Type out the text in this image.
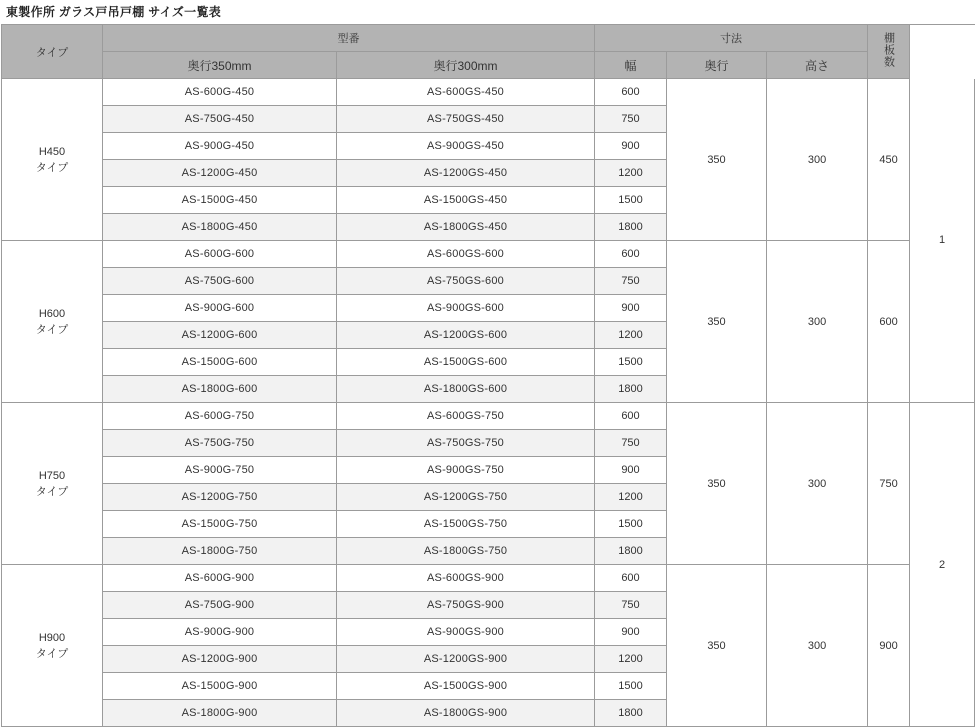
東製作所 ガラス戸吊戸棚 サイズ一覧表
タイプ	型番		寸法			棚板数	
	奥行350mm	奥行300mm	幅	奥行	高さ		

H450
タイプ	AS-600G-450	AS-600GS-450	600	350	300	450	1
	AS-750G-450	AS-750GS-450	750				
	AS-900G-450	AS-900GS-450	900				
	AS-1200G-450	AS-1200GS-450	1200				
	AS-1500G-450	AS-1500GS-450	1500				
	AS-1800G-450	AS-1800GS-450	1800				

H600
タイプ	AS-600G-600	AS-600GS-600	600	350	300	600	
	AS-750G-600	AS-750GS-600	750				
	AS-900G-600	AS-900GS-600	900				
	AS-1200G-600	AS-1200GS-600	1200				
	AS-1500G-600	AS-1500GS-600	1500				
	AS-1800G-600	AS-1800GS-600	1800				

H750
タイプ	AS-600G-750	AS-600GS-750	600	350	300	750	2
	AS-750G-750	AS-750GS-750	750				
	AS-900G-750	AS-900GS-750	900				
	AS-1200G-750	AS-1200GS-750	1200				
	AS-1500G-750	AS-1500GS-750	1500				
	AS-1800G-750	AS-1800GS-750	1800				

H900
タイプ	AS-600G-900	AS-600GS-900	600	350	300	900	
	AS-750G-900	AS-750GS-900	750				
	AS-900G-900	AS-900GS-900	900				
	AS-1200G-900	AS-1200GS-900	1200				
	AS-1500G-900	AS-1500GS-900	1500				
	AS-1800G-900	AS-1800GS-900	1800				
